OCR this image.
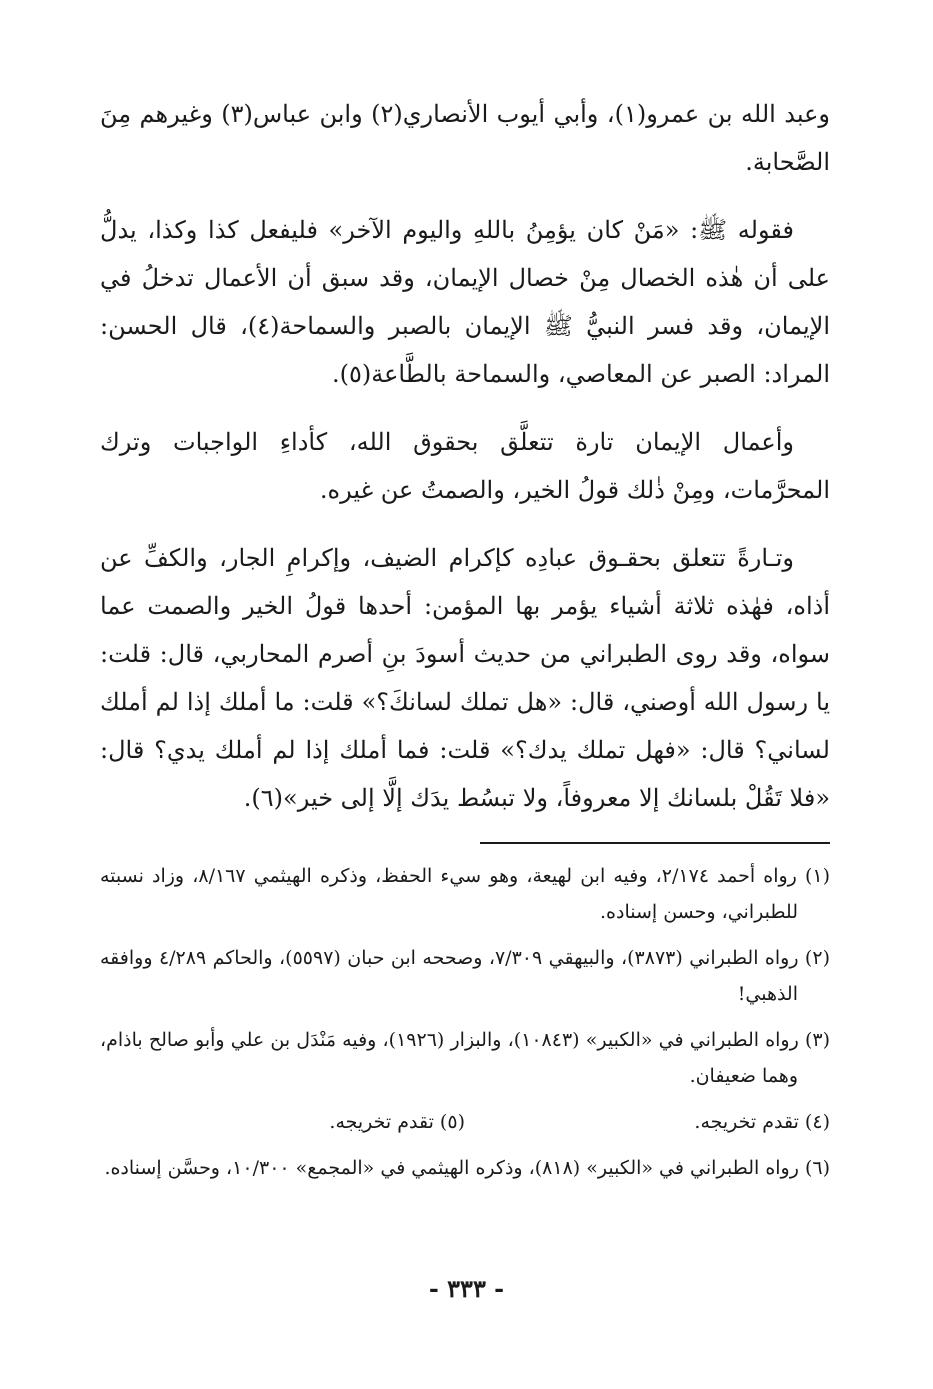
وعبد الله بن عمرو(١)، وأبي أيوب الأنصاري(٢) وابن عباس(٣) وغيرهم مِنَ الصَّحابة.

فقوله ﷺ: «مَنْ كان يؤمِنُ باللهِ واليوم الآخر» فليفعل كذا وكذا، يدلُّ على أن هٰذه الخصال مِنْ خصال الإيمان، وقد سبق أن الأعمال تدخلُ في الإيمان، وقد فسر النبيُّ ﷺ الإيمان بالصبر والسماحة(٤)، قال الحسن: المراد: الصبر عن المعاصي، والسماحة بالطَّاعة(٥).

وأعمال الإيمان تارة تتعلَّق بحقوق الله، كأداءِ الواجبات وترك المحرَّمات، ومِنْ ذٰلك قولُ الخير، والصمتُ عن غيره.

وتـارةً تتعلق بحقـوق عبادِه كإكرام الضيف، وإكرامِ الجار، والكفِّ عن أذاه، فهٰذه ثلاثة أشياء يؤمر بها المؤمن: أحدها قولُ الخير والصمت عما سواه، وقد روى الطبراني من حديث أسودَ بنِ أصرم المحاربي، قال: قلت: يا رسول الله أوصني، قال: «هل تملك لسانكَ؟» قلت: ما أملك إذا لم أملك لساني؟ قال: «فهل تملك يدك؟» قلت: فما أملك إذا لم أملك يدي؟ قال: «فلا تَقُلْ بلسانك إلا معروفاً، ولا تبسُط يدَك إلَّا إلى خير»(٦).

(١) رواه أحمد ٢/١٧٤، وفيه ابن لهيعة، وهو سيء الحفظ، وذكره الهيثمي ٨/١٦٧، وزاد نسبته للطبراني، وحسن إسناده.

(٢) رواه الطبراني (٣٨٧٣)، والبيهقي ٧/٣٠٩، وصححه ابن حبان (٥٥٩٧)، والحاكم ٤/٢٨٩ ووافقه الذهبي!

(٣) رواه الطبراني في «الكبير» (١٠٨٤٣)، والبزار (١٩٢٦)، وفيه مَنْدَل بن علي وأبو صالح باذام، وهما ضعيفان.

(٤) تقدم تخريجه.
(٥) تقدم تخريجه.

(٦) رواه الطبراني في «الكبير» (٨١٨)، وذكره الهيثمي في «المجمع» ١٠/٣٠٠، وحسَّن إسناده.

- ٣٣٣ -
